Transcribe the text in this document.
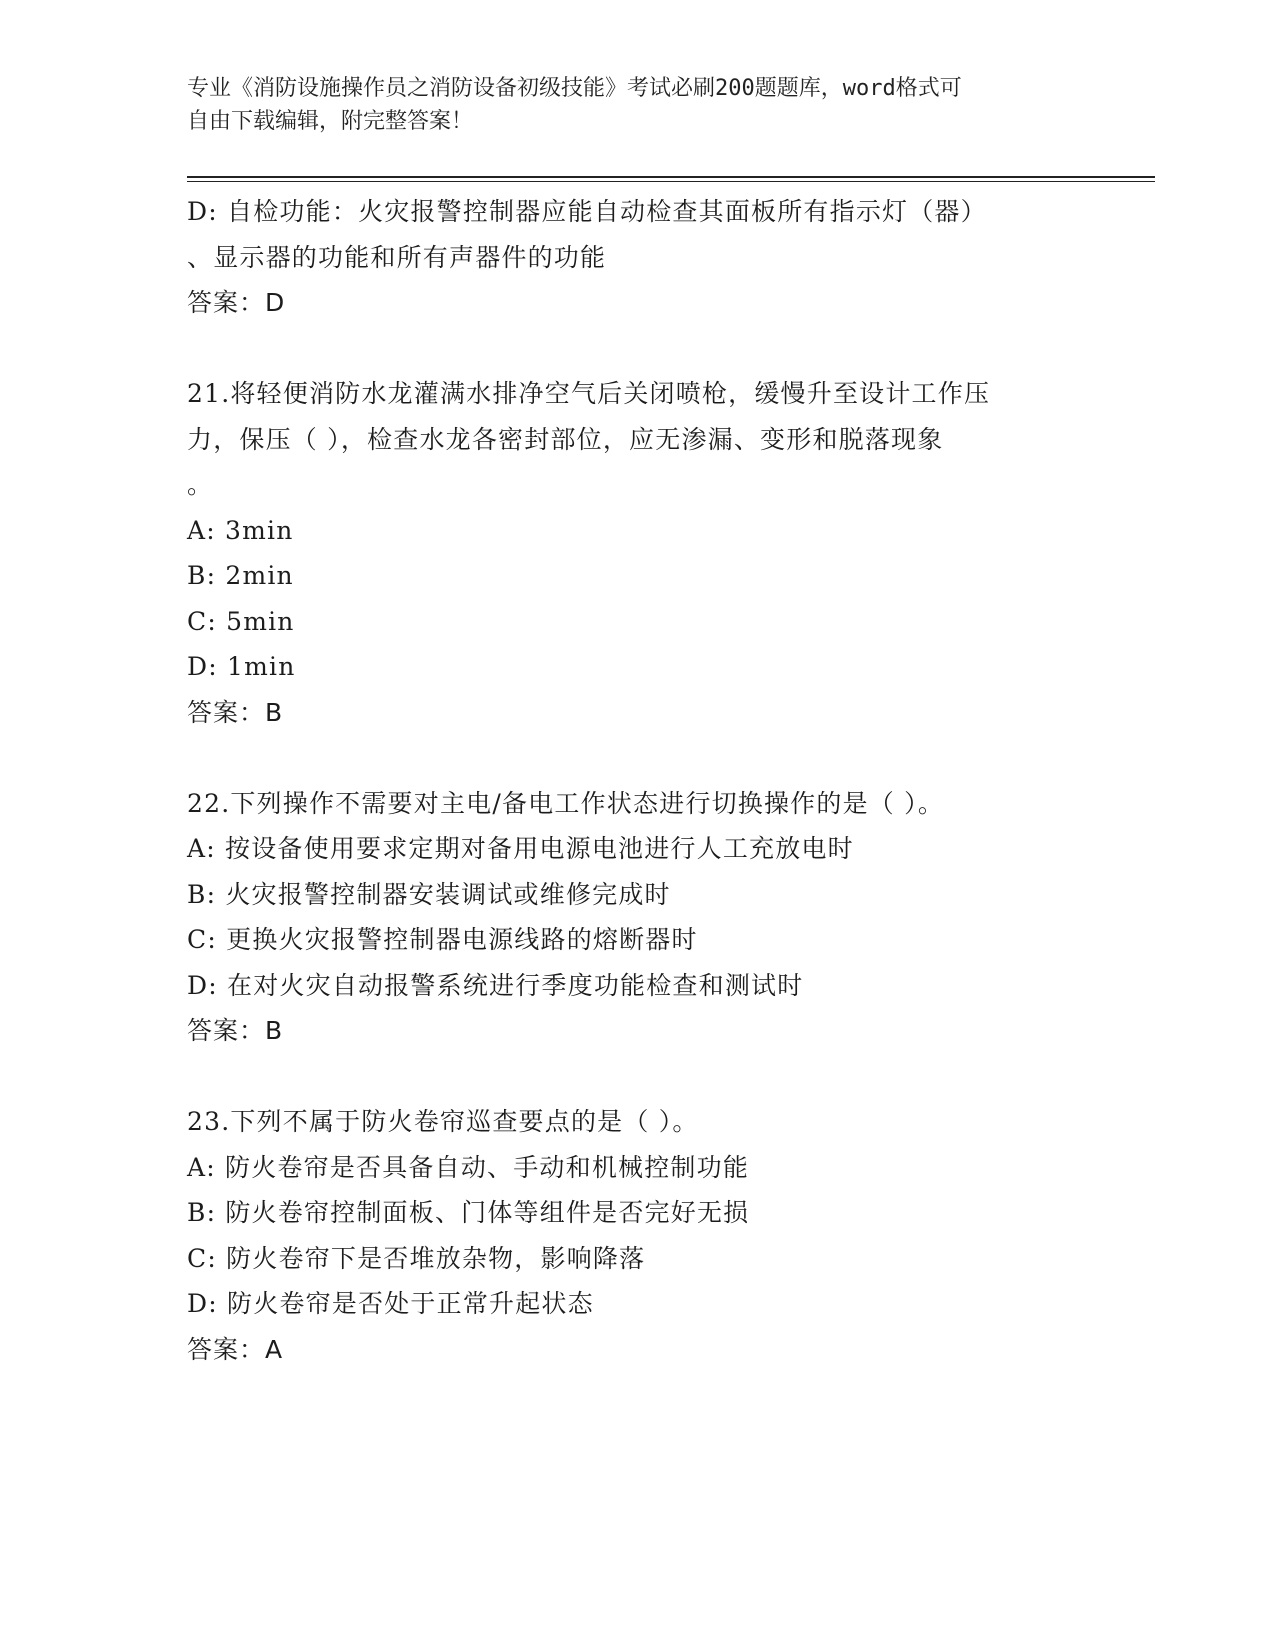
专业《消防设施操作员之消防设备初级技能》考试必刷200题题库，word格式可
自由下载编辑，附完整答案！
D: 自检功能：火灾报警控制器应能自动检查其面板所有指示灯（器）
、显示器的功能和所有声器件的功能
答案：D
21.将轻便消防水龙灌满水排净空气后关闭喷枪，缓慢升至设计工作压
力，保压（ ），检查水龙各密封部位，应无渗漏、变形和脱落现象
。
A: 3min
B: 2min
C: 5min
D: 1min
答案：B
22.下列操作不需要对主电/备电工作状态进行切换操作的是（ ）。
A: 按设备使用要求定期对备用电源电池进行人工充放电时
B: 火灾报警控制器安装调试或维修完成时
C: 更换火灾报警控制器电源线路的熔断器时
D: 在对火灾自动报警系统进行季度功能检查和测试时
答案：B
23.下列不属于防火卷帘巡查要点的是（ ）。
A: 防火卷帘是否具备自动、手动和机械控制功能
B: 防火卷帘控制面板、门体等组件是否完好无损
C: 防火卷帘下是否堆放杂物，影响降落
D: 防火卷帘是否处于正常升起状态
答案：A
